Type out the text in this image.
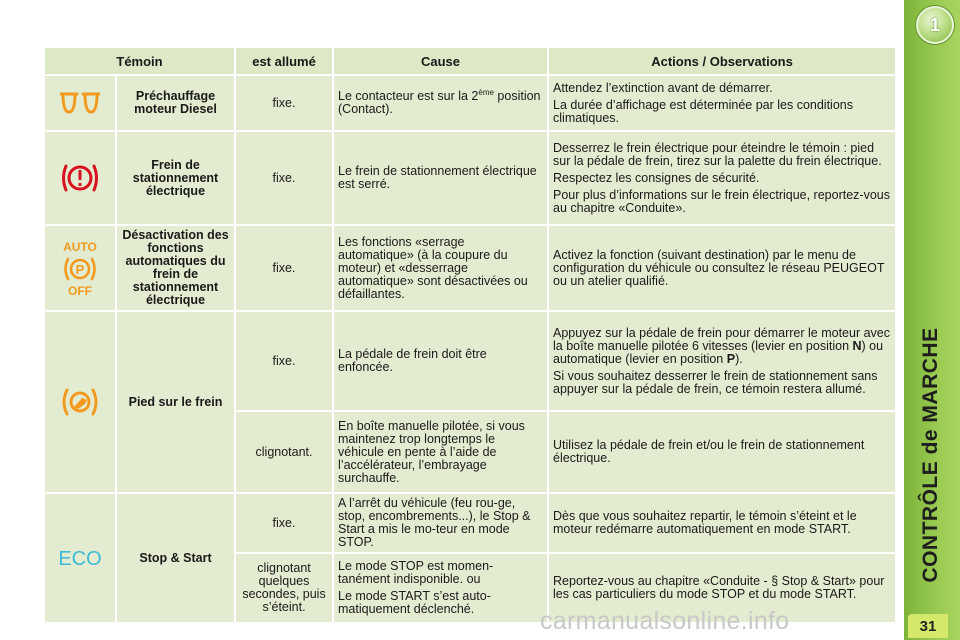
1
CONTRÔLE de MARCHE
31
Témoin		est allumé	Cause	Actions / Observations

	Préchauffage moteur Diesel	fixe.	Le contacteur est sur la 2ème position (Contact).	Attendez l’extinction avant de démarrer.

La durée d’affichage est déterminée par les conditions climatiques.

	Frein de stationnement électrique	fixe.	Le frein de stationnement électrique est serré.	Desserrez le frein électrique pour éteindre le témoin : pied sur la pédale de frein, tirez sur la palette du frein électrique.

Respectez les consignes de sécurité.

Pour plus d’informations sur le frein électrique, reportez-vous au chapitre «Conduite».

AUTO
P
OFF	Désactivation des fonctions automatiques du frein de stationnement électrique	fixe.	Les fonctions «serrage automatique» (à la coupure du moteur) et «desserrage automatique» sont désactivées ou défaillantes.	Activez la fonction (suivant destination) par le menu de configuration du véhicule ou consultez le réseau PEUGEOT ou un atelier qualifié.

	Pied sur le frein	fixe.	La pédale de frein doit être enfoncée.	Appuyez sur la pédale de frein pour démarrer le moteur avec la boîte manuelle pilotée 6 vitesses (levier en position N) ou automatique (levier en position P).

Si vous souhaitez desserrer le frein de stationnement sans appuyer sur la pédale de frein, ce témoin restera allumé.

		clignotant.	En boîte manuelle pilotée, si vous maintenez trop longtemps le véhicule en pente à l’aide de l’accélérateur, l’embrayage surchauffe.	Utilisez la pédale de frein et/ou le frein de stationnement électrique.

ECO	Stop & Start	fixe.	A l’arrêt du véhicule (feu rou-ge, stop, encombrements...), le Stop & Start a mis le mo-teur en mode STOP.	Dès que vous souhaitez repartir, le témoin s’éteint et le moteur redémarre automatiquement en mode START.
		clignotant quelques secondes, puis s’éteint.	Le mode STOP est momen-tanément indisponible. ou

Le mode START s’est auto-matiquement déclenché.	Reportez-vous au chapitre «Conduite - § Stop & Start» pour les cas particuliers du mode STOP et du mode START.
carmanualsonline.info
